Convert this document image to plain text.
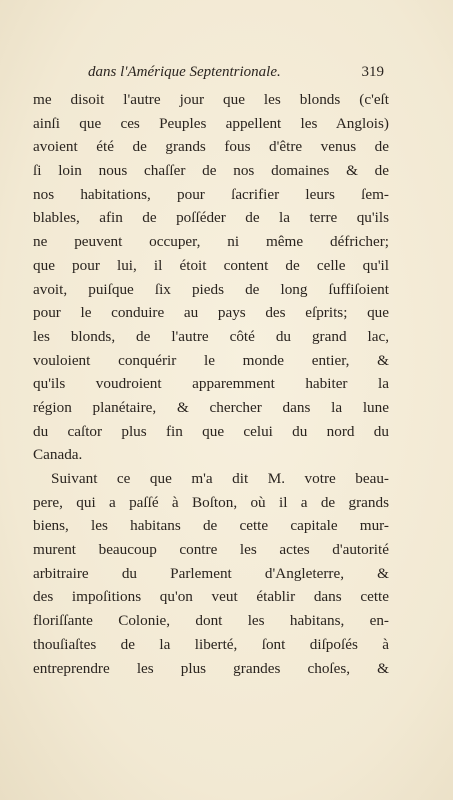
dans l'Amérique Septentrionale.	319
me disoit l'autre jour que les blonds (c'eſt
ainſi que ces Peuples appellent les Anglois)
avoient été de grands fous d'être venus de
ſi loin nous chaſſer de nos domaines & de
nos habitations, pour ſacrifier leurs ſem-
blables, afin de poſſéder de la terre qu'ils
ne peuvent occuper, ni même défricher;
que pour lui, il étoit content de celle qu'il
avoit, puiſque ſix pieds de long ſuffiſoient
pour le conduire au pays des eſprits; que
les blonds, de l'autre côté du grand lac,
vouloient conquérir le monde entier, &
qu'ils voudroient apparemment habiter la
région planétaire, & chercher dans la lune
du caſtor plus fin que celui du nord du
Canada.
Suivant ce que m'a dit M. votre beau-
pere, qui a paſſé à Boſton, où il a de grands
biens, les habitans de cette capitale mur-
murent beaucoup contre les actes d'autorité
arbitraire du Parlement d'Angleterre, &
des impoſitions qu'on veut établir dans cette
floriſſante Colonie, dont les habitans, en-
thouſiaſtes de la liberté, ſont diſpoſés à
entreprendre les plus grandes choſes, &
